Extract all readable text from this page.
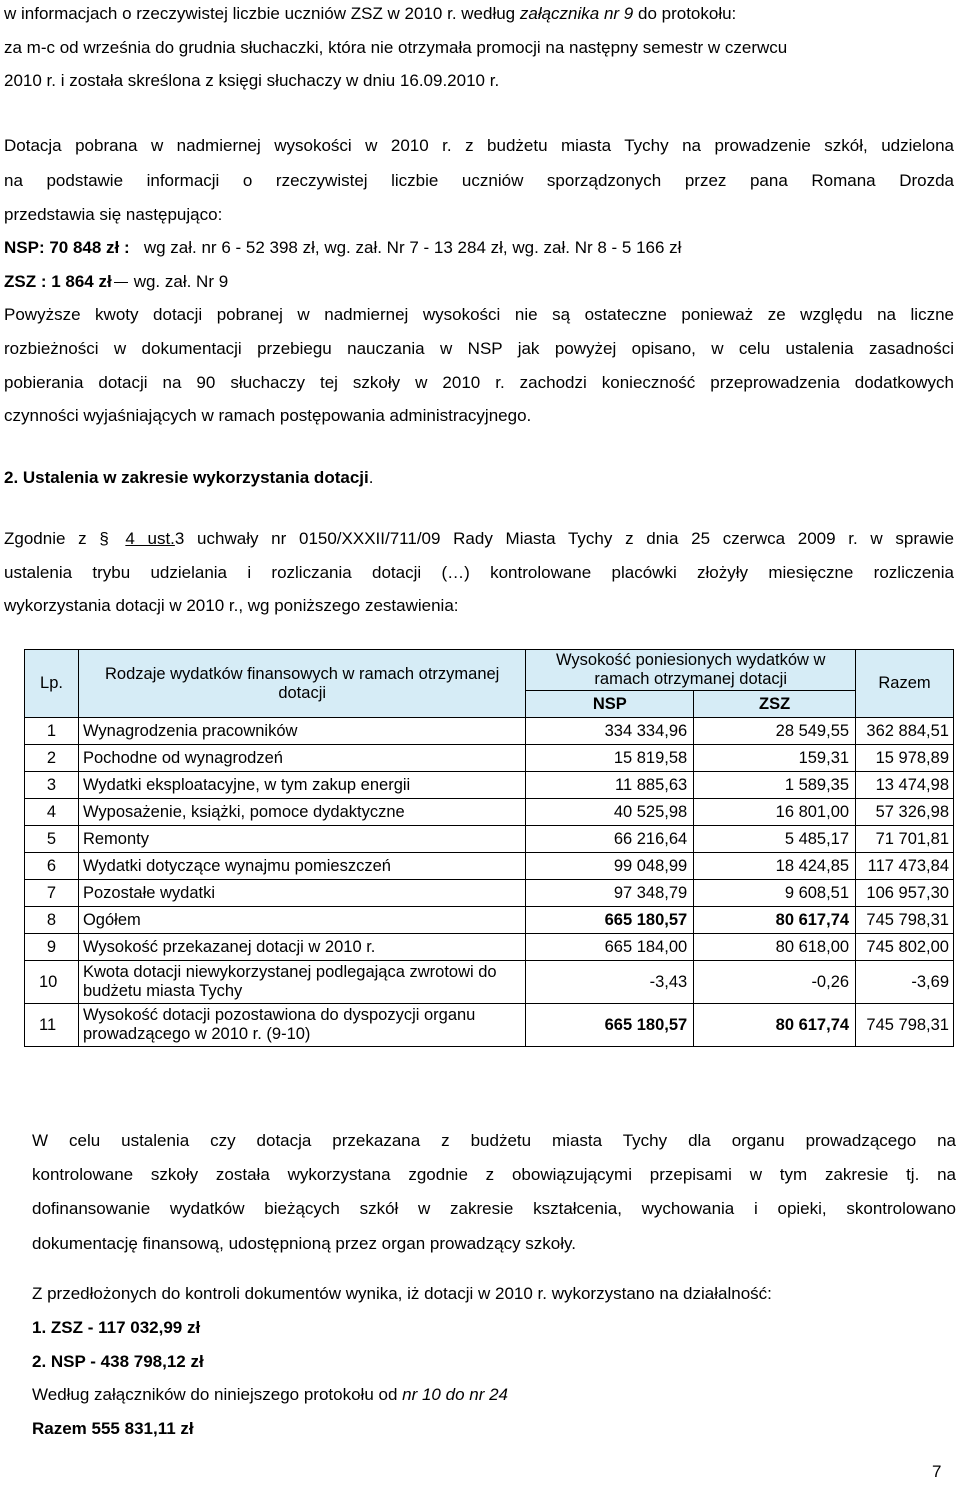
w informacjach o rzeczywistej liczbie uczniów ZSZ w 2010 r. według załącznika nr 9 do protokołu:
za m-c od września do grudnia słuchaczki, która nie otrzymała promocji na następny semestr w czerwcu
2010 r. i została skreślona z księgi słuchaczy w dniu 16.09.2010 r.
Dotacja pobrana w nadmiernej wysokości w 2010 r. z budżetu miasta Tychy na prowadzenie szkół, udzielona
na podstawie informacji o rzeczywistej liczbie uczniów sporządzonych przez pana Romana Drozda
przedstawia się następująco:
NSP: 70 848 zł : wg zał. nr 6 - 52 398 zł, wg. zał. Nr 7 - 13 284 zł, wg. zał. Nr 8 - 5 166 zł
ZSZ : 1 864 zł wg. zał. Nr 9
Powyższe kwoty dotacji pobranej w nadmiernej wysokości nie są ostateczne ponieważ ze względu na liczne
rozbieżności w dokumentacji przebiegu nauczania w NSP jak powyżej opisano, w celu ustalenia zasadności
pobierania dotacji na 90 słuchaczy tej szkoły w 2010 r. zachodzi konieczność przeprowadzenia dodatkowych
czynności wyjaśniających w ramach postępowania administracyjnego.
2. Ustalenia w zakresie wykorzystania dotacji.
Zgodnie z § 4 ust.3 uchwały nr 0150/XXXII/711/09 Rady Miasta Tychy z dnia 25 czerwca 2009 r. w sprawie
ustalenia trybu udzielania i rozliczania dotacji (…) kontrolowane placówki złożyły miesięczne rozliczenia
wykorzystania dotacji w 2010 r., wg poniższego zestawienia:
Lp.	Rodzaje wydatków finansowych w ramach otrzymanej dotacji	Wysokość poniesionych wydatków w ramach otrzymanej dotacji		Razem
		NSP	ZSZ	
1	Wynagrodzenia pracowników	334 334,96	28 549,55	362 884,51
2	Pochodne od wynagrodzeń	15 819,58	159,31	15 978,89
3	Wydatki eksploatacyjne, w tym zakup energii	11 885,63	1 589,35	13 474,98
4	Wyposażenie, książki, pomoce dydaktyczne	40 525,98	16 801,00	57 326,98
5	Remonty	66 216,64	5 485,17	71 701,81
6	Wydatki dotyczące wynajmu pomieszczeń	99 048,99	18 424,85	117 473,84
7	Pozostałe wydatki	97 348,79	9 608,51	106 957,30
8	Ogółem	665 180,57	80 617,74	745 798,31
9	Wysokość przekazanej dotacji w 2010 r.	665 184,00	80 618,00	745 802,00
10	Kwota dotacji niewykorzystanej podlegająca zwrotowi do budżetu miasta Tychy	-3,43	-0,26	-3,69
11	Wysokość dotacji pozostawiona do dyspozycji organu prowadzącego w 2010 r. (9-10)	665 180,57	80 617,74	745 798,31
W celu ustalenia czy dotacja przekazana z budżetu miasta Tychy dla organu prowadzącego na
kontrolowane szkoły została wykorzystana zgodnie z obowiązującymi przepisami w tym zakresie tj. na
dofinansowanie wydatków bieżących szkół w zakresie kształcenia, wychowania i opieki, skontrolowano
dokumentację finansową, udostępnioną przez organ prowadzący szkoły.
Z przedłożonych do kontroli dokumentów wynika, iż dotacji w 2010 r. wykorzystano na działalność:
1. ZSZ - 117 032,99 zł
2. NSP - 438 798,12 zł
Według załączników do niniejszego protokołu od nr 10 do nr 24
Razem 555 831,11 zł
7
